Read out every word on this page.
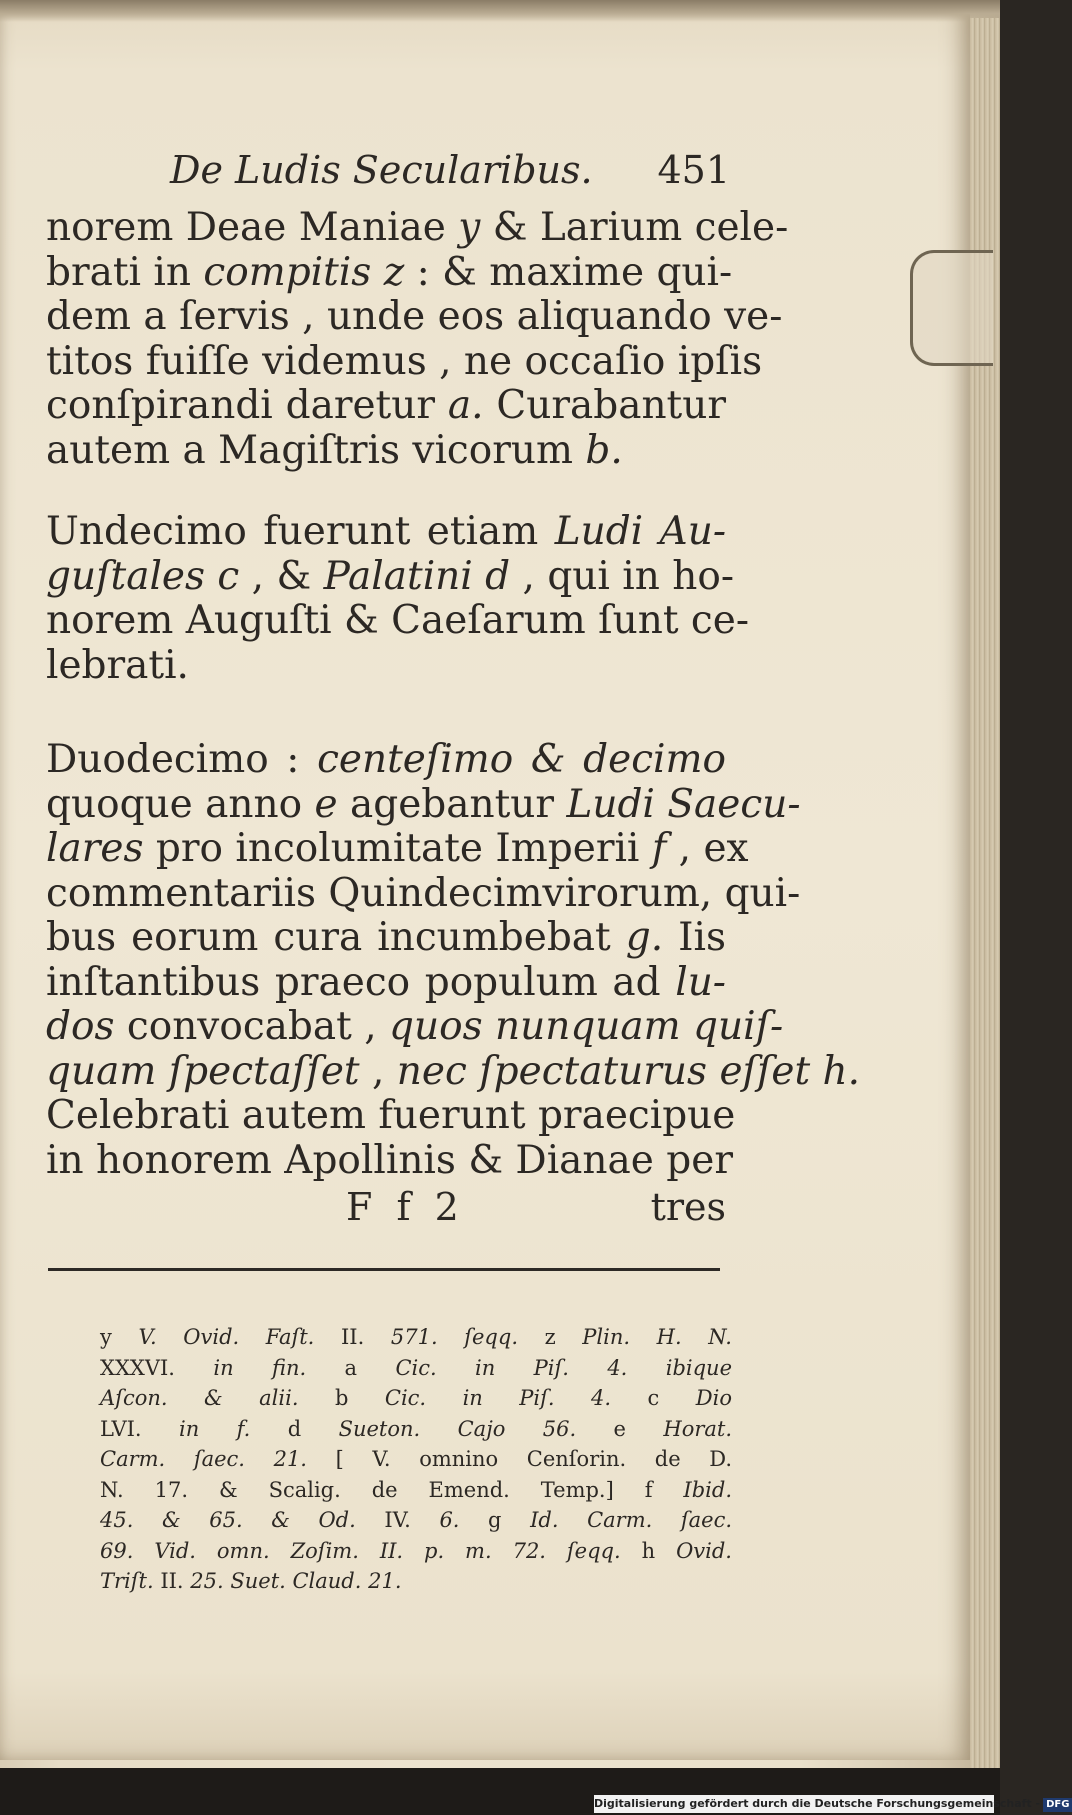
De Ludis Secularibus. 451
norem Deae Maniae y & Larium cele-
brati in compitis z : & maxime qui-
dem a ſervis , unde eos aliquando ve-
titos fuiſſe videmus , ne occaſio ipſis
conſpirandi daretur a. Curabantur
autem a Magiſtris vicorum b.
Undecimo fuerunt etiam Ludi Au-
guſtales c , & Palatini d , qui in ho-
norem Auguſti & Caeſarum ſunt ce-
lebrati.
Duodecimo : centeſimo & decimo
quoque anno e agebantur Ludi Saecu-
lares pro incolumitate Imperii f , ex
commentariis Quindecimvirorum, qui-
bus eorum cura incumbebat g. Iis
inſtantibus praeco populum ad lu-
dos convocabat , quos nunquam quiſ-
quam ſpectaſſet , nec ſpectaturus eſſet h.
Celebrati autem fuerunt praecipue
in honorem Apollinis & Dianae per
F f 2	tres
y V. Ovid. Faſt. II. 571. ſeqq. z Plin. H. N.
XXXVI. in fin. a Cic. in Piſ. 4. ibique
Aſcon. & alii. b Cic. in Piſ. 4. c Dio
LVI. in f. d Sueton. Cajo 56. e Horat.
Carm. ſaec. 21. [ V. omnino Cenſorin. de D.
N. 17. & Scalig. de Emend. Temp.] f Ibid.
45. & 65. & Od. IV. 6. g Id. Carm. ſaec.
69. Vid. omn. Zoſim. II. p. m. 72. ſeqq. h Ovid.
Triſt. II. 25. Suet. Claud. 21.
Digitalisierung gefördert durch die Deutsche Forschungsgemeinschaft - DFG
